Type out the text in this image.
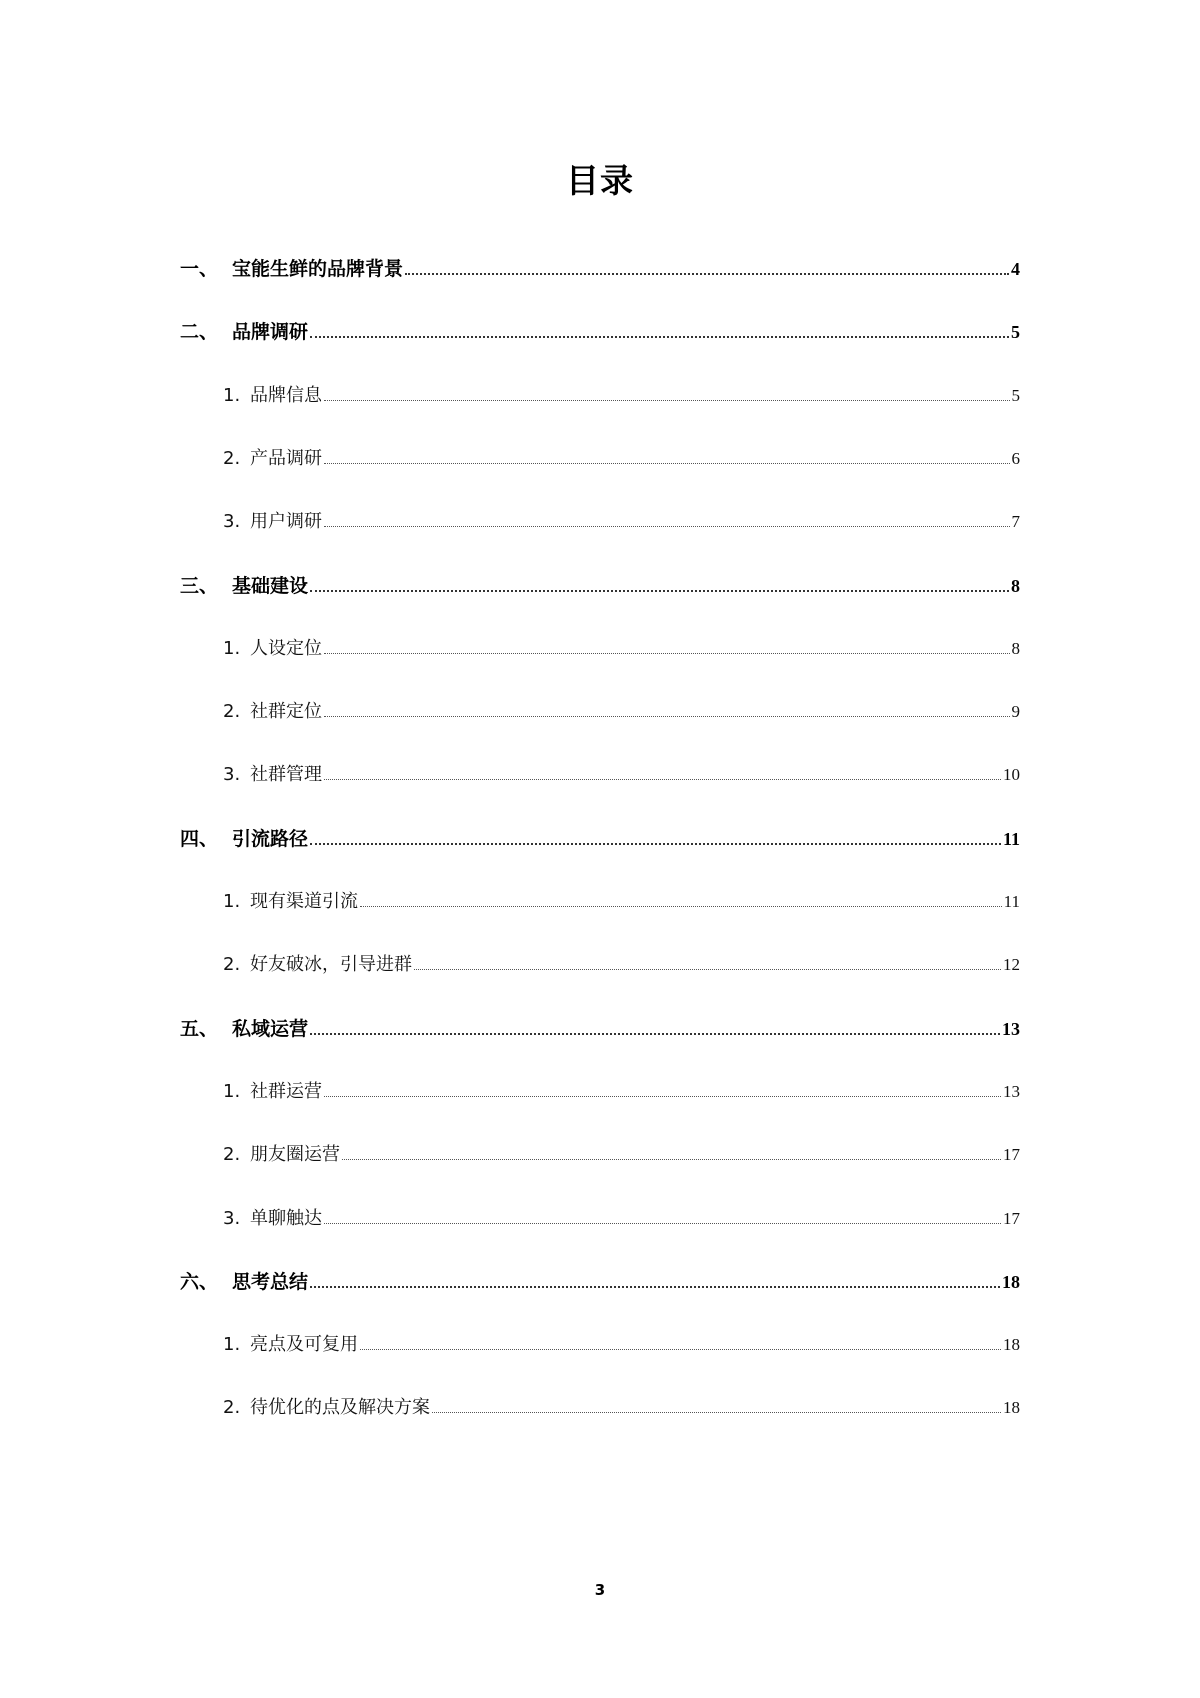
目录
一、 宝能生鲜的品牌背景	4
二、 品牌调研	5
1. 品牌信息	5
2. 产品调研	6
3. 用户调研	7
三、 基础建设	8
1. 人设定位	8
2. 社群定位	9
3. 社群管理	10
四、 引流路径	11
1. 现有渠道引流	11
2. 好友破冰，引导进群	12
五、 私域运营	13
1. 社群运营	13
2. 朋友圈运营	17
3. 单聊触达	17
六、 思考总结	18
1. 亮点及可复用	18
2. 待优化的点及解决方案	18
3
